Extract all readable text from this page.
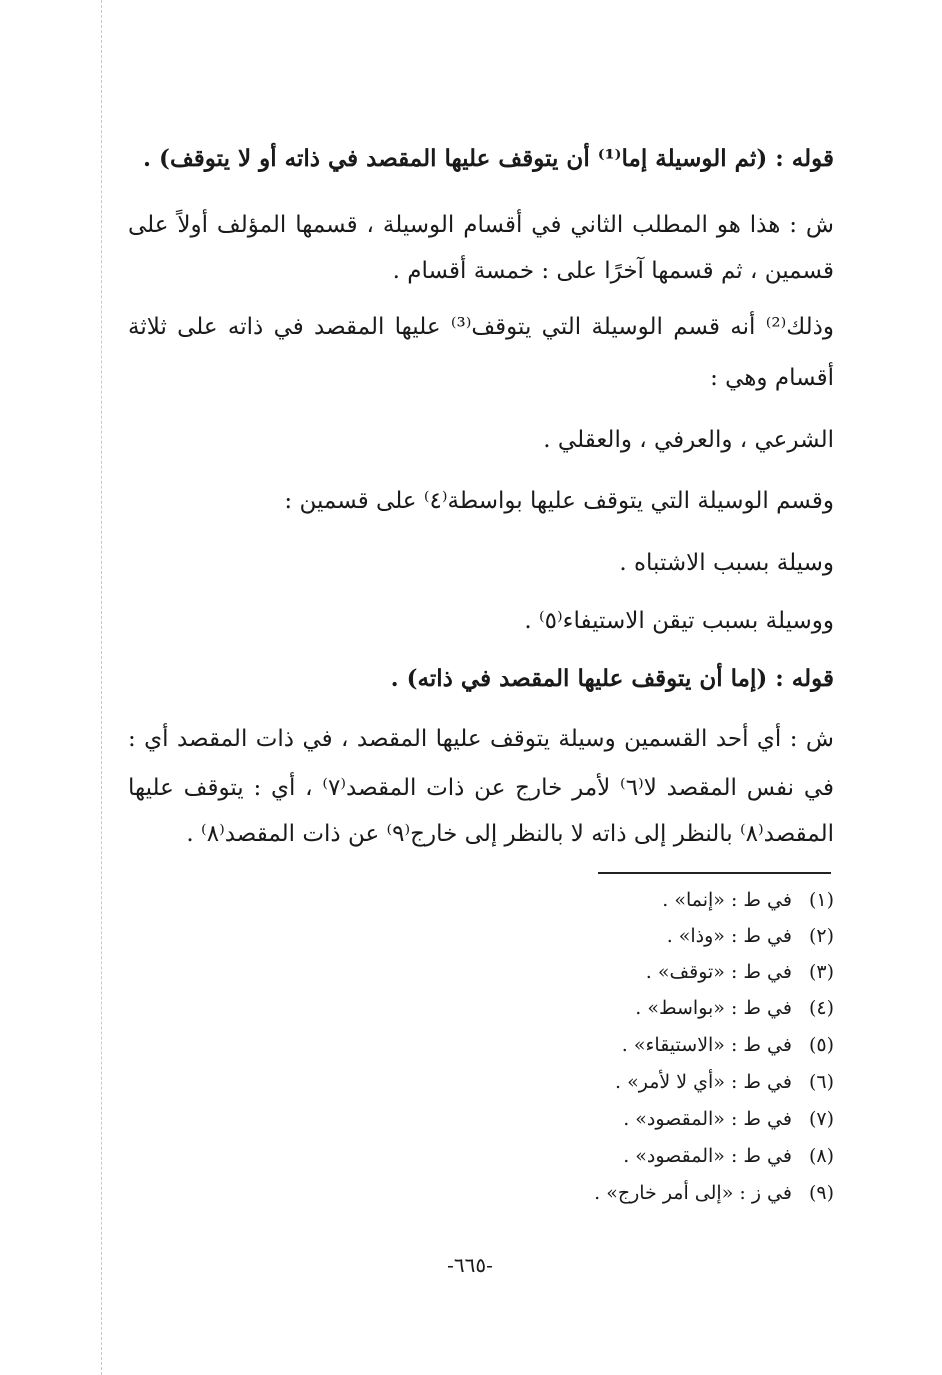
قوله : (ثم الوسيلة إما⁽¹⁾ أن يتوقف عليها المقصد في ذاته أو لا يتوقف) .
ش : هذا هو المطلب الثاني في أقسام الوسيلة ، قسمها المؤلف أولاً على
قسمين ، ثم قسمها آخرًا على : خمسة أقسام .
وذلك⁽²⁾ أنه قسم الوسيلة التي يتوقف⁽³⁾ عليها المقصد في ذاته على ثلاثة
أقسام وهي :
الشرعي ، والعرفي ، والعقلي .
وقسم الوسيلة التي يتوقف عليها بواسطة⁽٤⁾ على قسمين :
وسيلة بسبب الاشتباه .
ووسيلة بسبب تيقن الاستيفاء⁽٥⁾ .
قوله : (إما أن يتوقف عليها المقصد في ذاته) .
ش : أي أحد القسمين وسيلة يتوقف عليها المقصد ، في ذات المقصد أي :
في نفس المقصد لا⁽٦⁾ لأمر خارج عن ذات المقصد⁽٧⁾ ، أي : يتوقف عليها
المقصد⁽٨⁾ بالنظر إلى ذاته لا بالنظر إلى خارج⁽٩⁾ عن ذات المقصد⁽٨⁾ .
(١) في ط : «إنما» .
(٢) في ط : «وذا» .
(٣) في ط : «توقف» .
(٤) في ط : «بواسط» .
(٥) في ط : «الاستيقاء» .
(٦) في ط : «أي لا لأمر» .
(٧) في ط : «المقصود» .
(٨) في ط : «المقصود» .
(٩) في ز : «إلى أمر خارج» .
-٦٦٥-
